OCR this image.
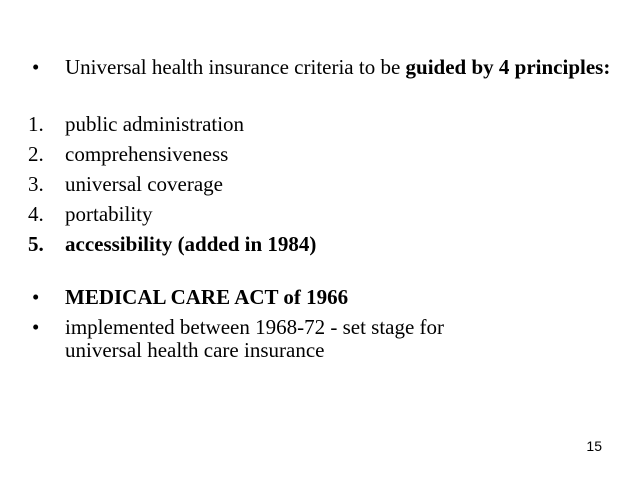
•	Universal health insurance criteria to be guided by 4 principles:
1.	public administration
2.	comprehensiveness
3.	universal coverage
4.	portability
5.	accessibility (added in 1984)
•	MEDICAL CARE ACT of 1966
•	implemented between 1968-72 - set stage for universal health care insurance
15
